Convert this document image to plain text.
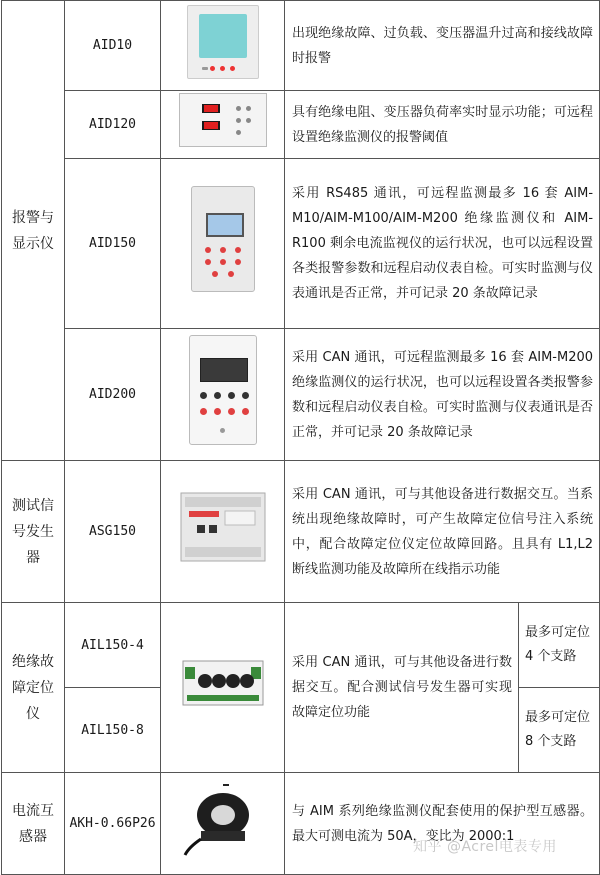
报警与显示仪	AID10		出现绝缘故障、过负载、变压器温升过高和接线故障时报警	
	AID120		具有绝缘电阻、变压器负荷率实时显示功能；可远程设置绝缘监测仪的报警阈值	
	AID150		采用 RS485 通讯，可远程监测最多 16 套 AIM-M10/AIM-M100/AIM-M200 绝缘监测仪和 AIM-R100 剩余电流监视仪的运行状况，也可以远程设置各类报警参数和远程启动仪表自检。可实时监测与仪表通讯是否正常，并可记录 20 条故障记录	
	AID200		采用 CAN 通讯，可远程监测最多 16 套 AIM-M200 绝缘监测仪的运行状况，也可以远程设置各类报警参数和远程启动仪表自检。可实时监测与仪表通讯是否正常，并可记录 20 条故障记录	
测试信号发生器	ASG150		采用 CAN 通讯，可与其他设备进行数据交互。当系统出现绝缘故障时，可产生故障定位信号注入系统中，配合故障定位仪定位故障回路。且具有 L1,L2 断线监测功能及故障所在线指示功能	
绝缘故障定位仪	AIL150-4		采用 CAN 通讯，可与其他设备进行数据交互。配合测试信号发生器可实现故障定位功能	最多可定位 4 个支路
	AIL150-8			最多可定位 8 个支路
电流互感器	AKH-0.66P26		与 AIM 系列绝缘监测仪配套使用的保护型互感器。最大可测电流为 50A，变比为 2000:1	
知乎 @Acrel电表专用
